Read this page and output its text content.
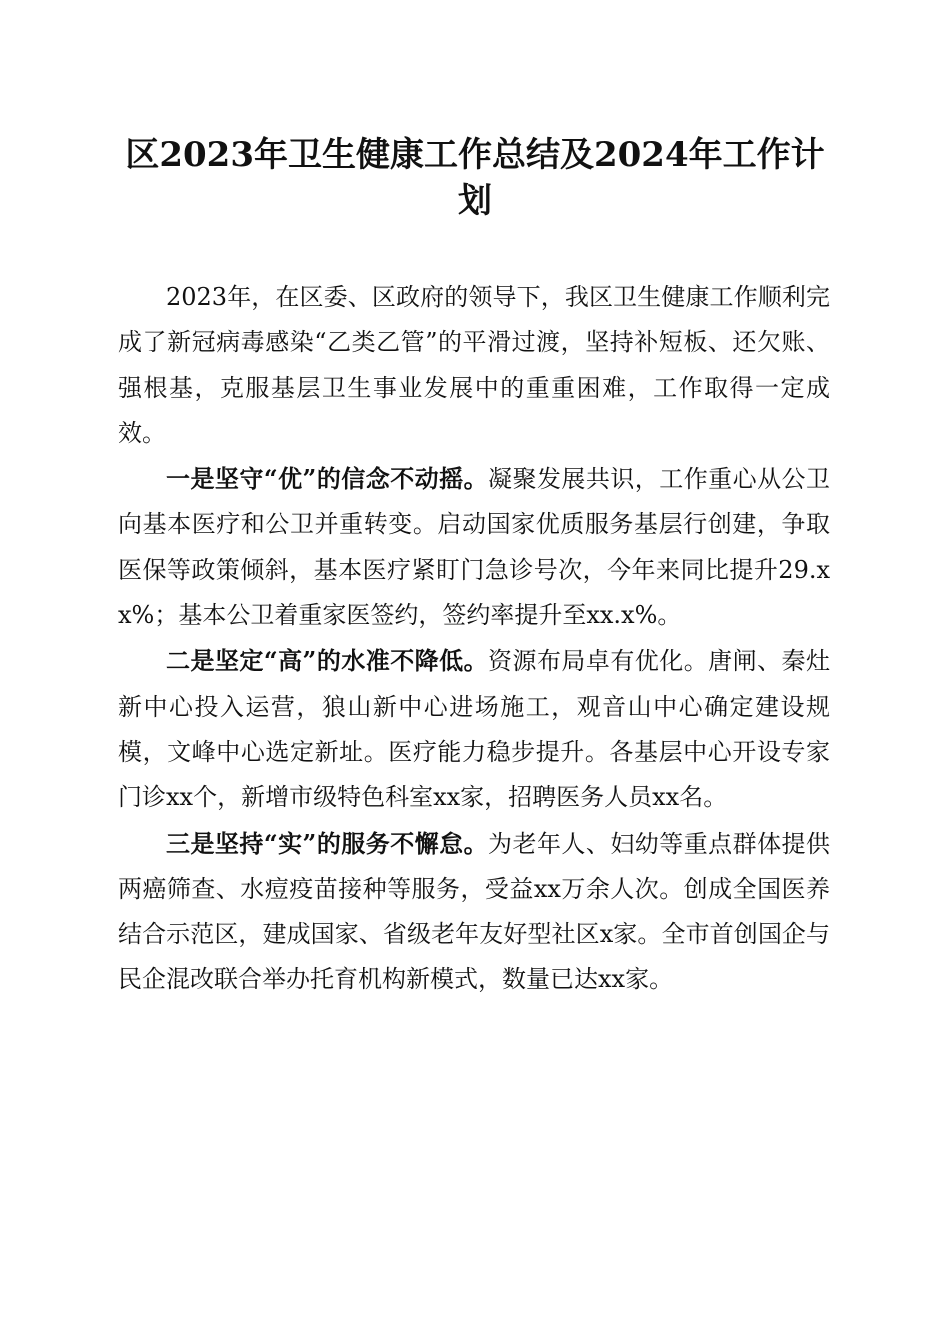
区2023年卫生健康工作总结及2024年工作计划

2023年，在区委、区政府的领导下，我区卫生健康工作顺利完成了新冠病毒感染“乙类乙管”的平滑过渡，坚持补短板、还欠账、强根基，克服基层卫生事业发展中的重重困难，工作取得一定成效。

一是坚守“优”的信念不动摇。凝聚发展共识，工作重心从公卫向基本医疗和公卫并重转变。启动国家优质服务基层行创建，争取医保等政策倾斜，基本医疗紧盯门急诊号次，今年来同比提升29.xx%；基本公卫着重家医签约，签约率提升至xx.x%。

二是坚定“高”的水准不降低。资源布局卓有优化。唐闸、秦灶新中心投入运营，狼山新中心进场施工，观音山中心确定建设规模，文峰中心选定新址。医疗能力稳步提升。各基层中心开设专家门诊xx个，新增市级特色科室xx家，招聘医务人员xx名。

三是坚持“实”的服务不懈怠。为老年人、妇幼等重点群体提供两癌筛查、水痘疫苗接种等服务，受益xx万余人次。创成全国医养结合示范区，建成国家、省级老年友好型社区x家。全市首创国企与民企混改联合举办托育机构新模式，数量已达xx家。
